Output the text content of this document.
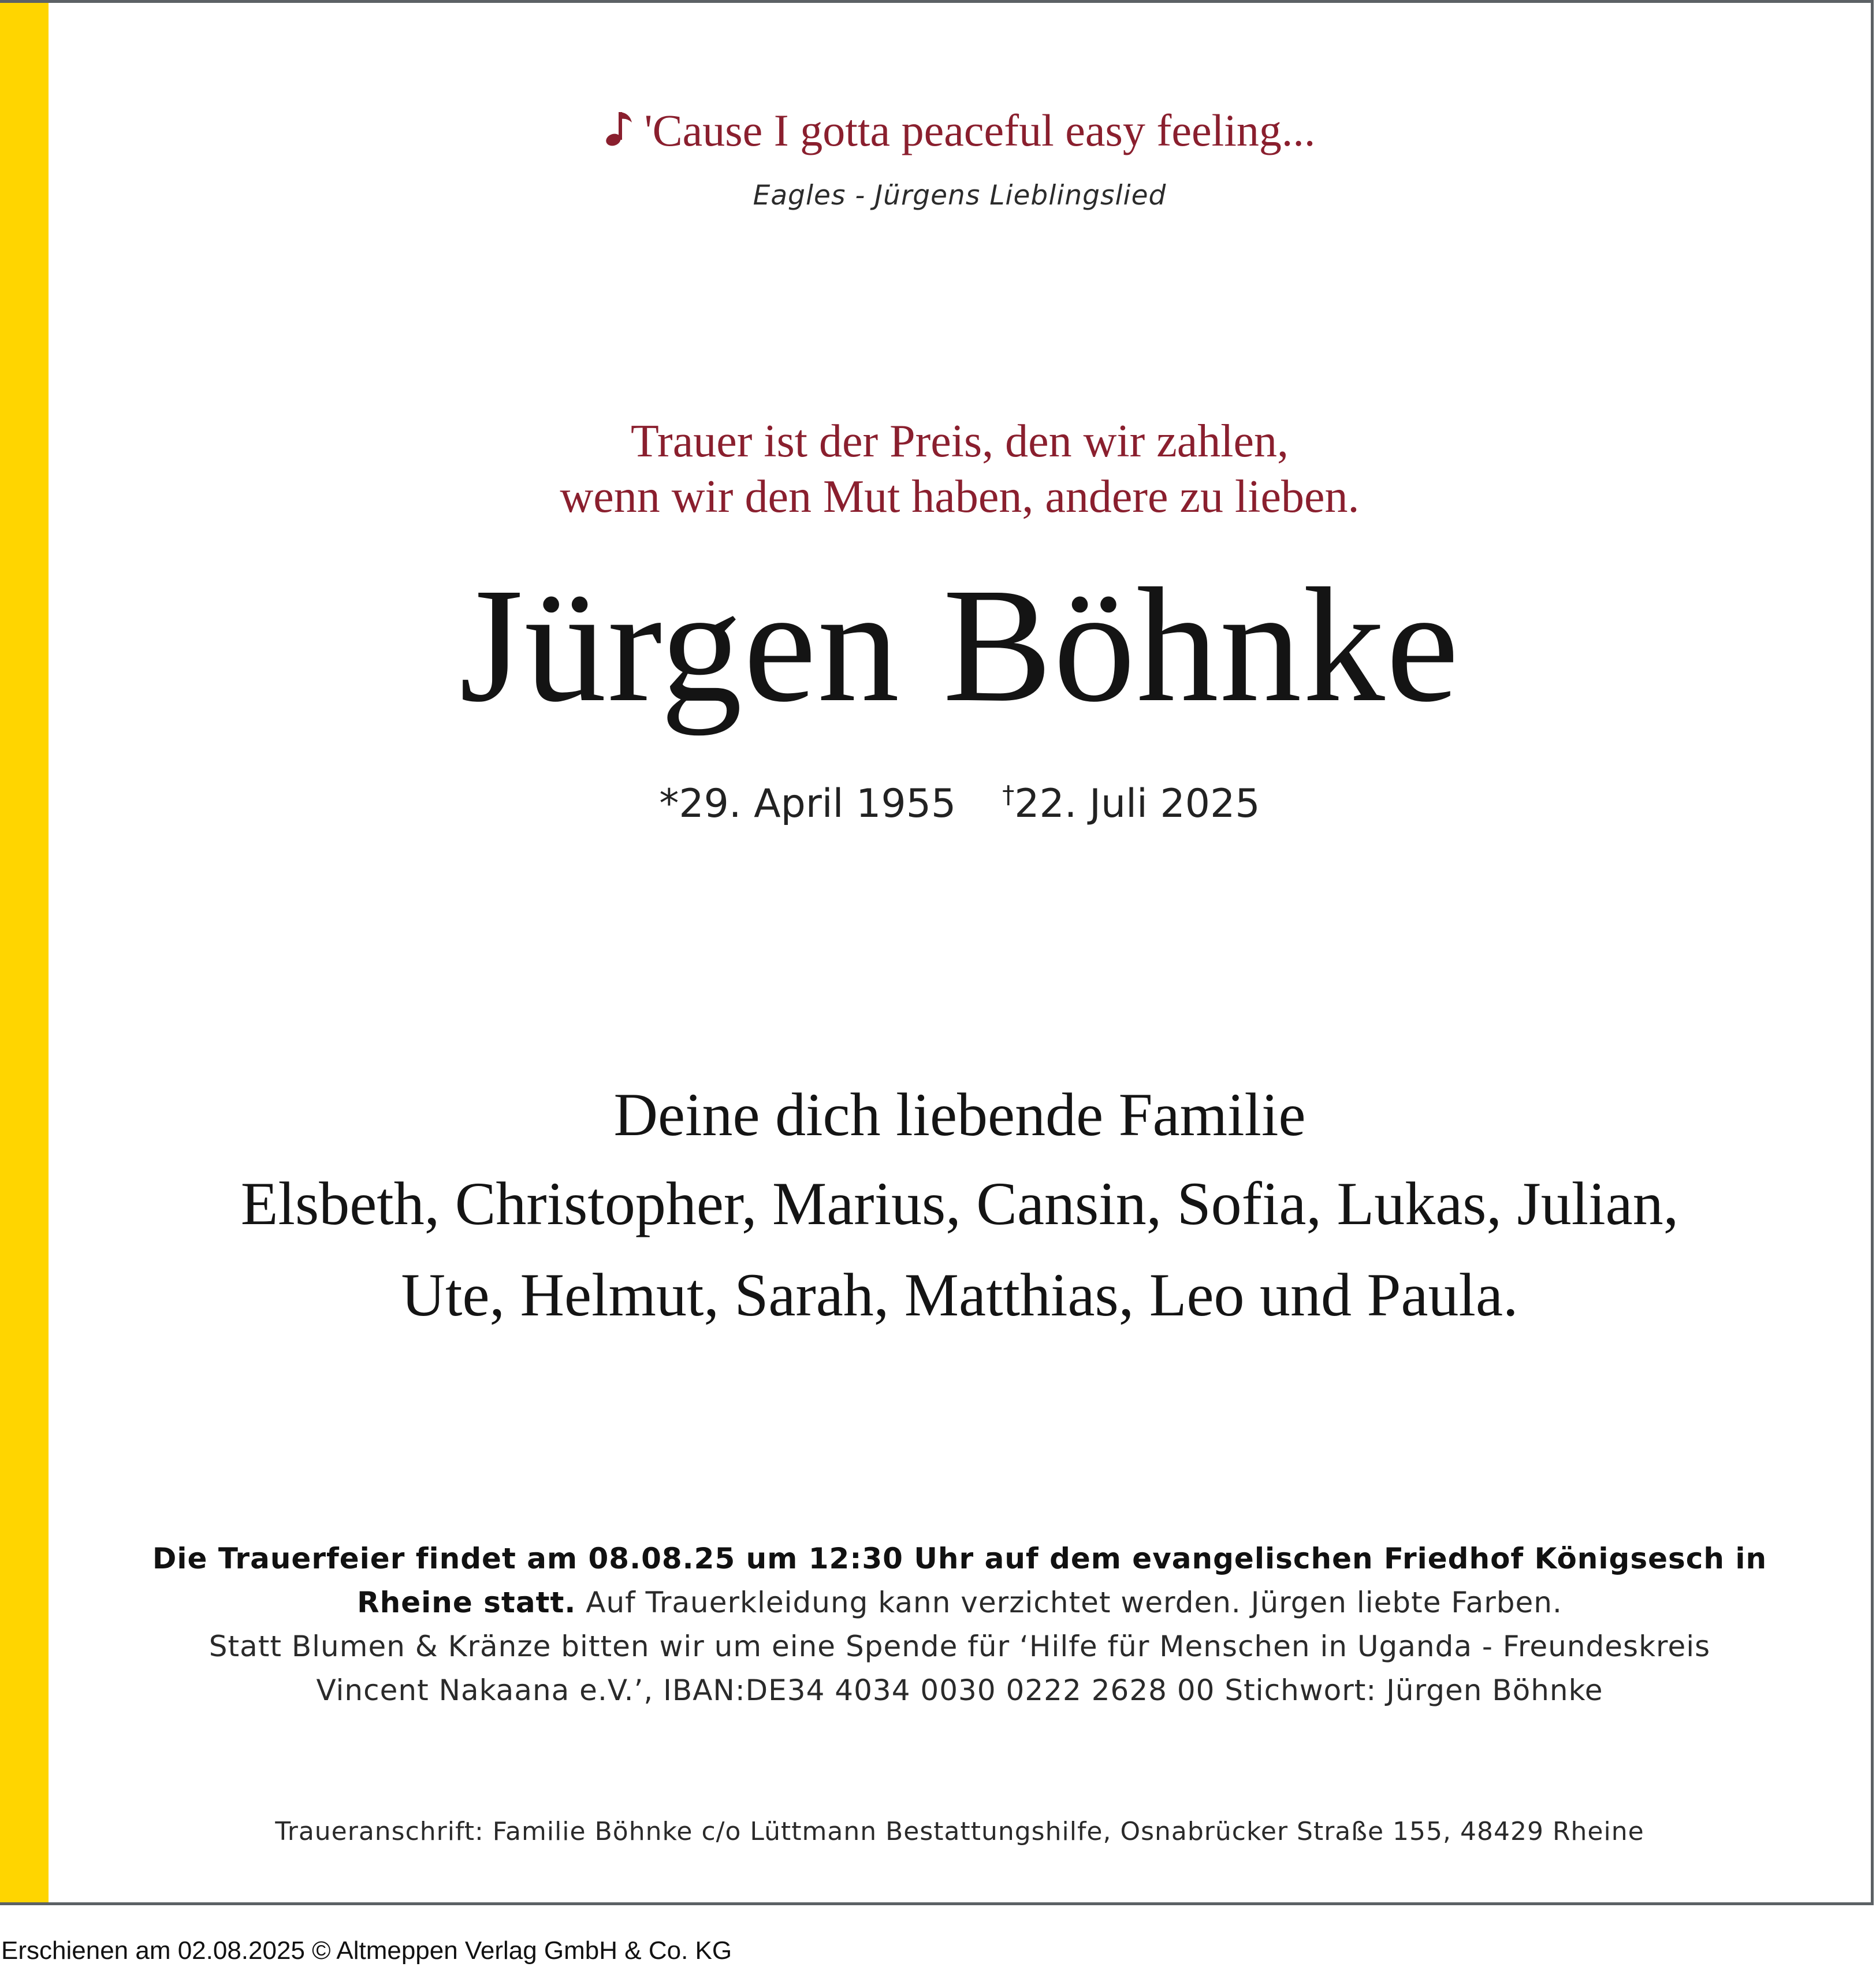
'Cause I gotta peaceful easy feeling...
Eagles - Jürgens Lieblingslied
Trauer ist der Preis, den wir zahlen,
wenn wir den Mut haben, andere zu lieben.
Jürgen Böhnke
*29. April 1955 †22. Juli 2025
Deine dich liebende Familie
Elsbeth, Christopher, Marius, Cansin, Sofia, Lukas, Julian,
Ute, Helmut, Sarah, Matthias, Leo und Paula.
Die Trauerfeier findet am 08.08.25 um 12:30 Uhr auf dem evangelischen Friedhof Königsesch in
Rheine statt. Auf Trauerkleidung kann verzichtet werden. Jürgen liebte Farben.
Statt Blumen & Kränze bitten wir um eine Spende für ‘Hilfe für Menschen in Uganda - Freundeskreis
Vincent Nakaana e.V.’, IBAN:DE34 4034 0030 0222 2628 00 Stichwort: Jürgen Böhnke
Traueranschrift: Familie Böhnke c/o Lüttmann Bestattungshilfe, Osnabrücker Straße 155, 48429 Rheine
Erschienen am 02.08.2025 © Altmeppen Verlag GmbH & Co. KG
